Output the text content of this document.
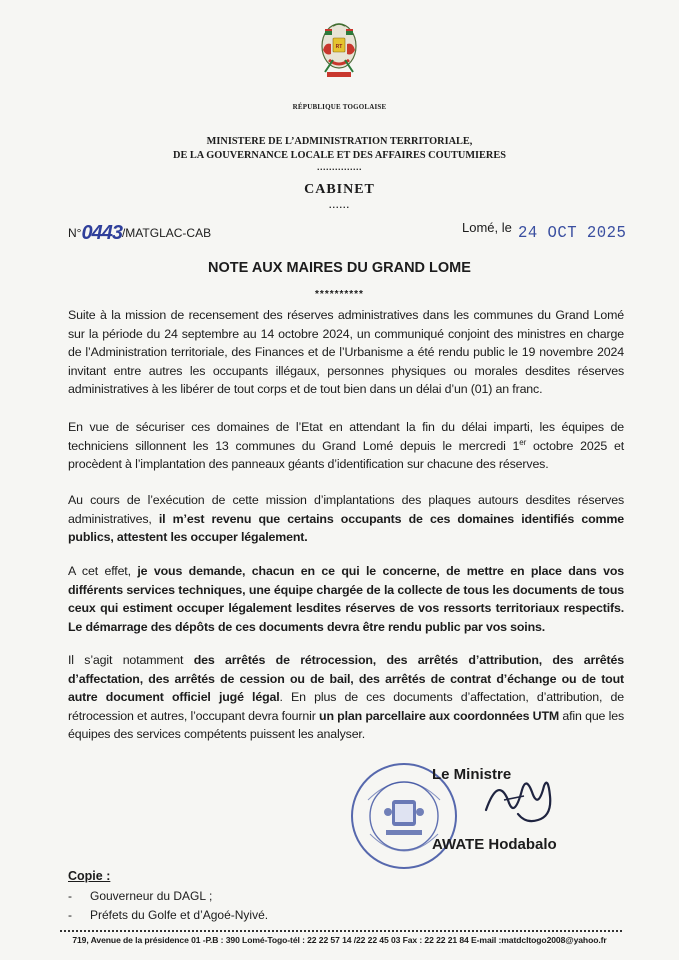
RT
RÉPUBLIQUE TOGOLAISE
MINISTERE DE L’ADMINISTRATION TERRITORIALE,
DE LA GOUVERNANCE LOCALE ET DES AFFAIRES COUTUMIERES
...............
CABINET
......
N°0443/MATGLAC-CAB	Lomé, le 24 OCT 2025
NOTE AUX MAIRES DU GRAND LOME
**********

Suite à la mission de recensement des réserves administratives dans les communes du Grand Lomé sur la période du 24 septembre au 14 octobre 2024, un communiqué conjoint des ministres en charge de l’Administration territoriale, des Finances et de l’Urbanisme a été rendu public le 19 novembre 2024 invitant entre autres les occupants illégaux, personnes physiques ou morales desdites réserves administratives à les libérer de tout corps et de tout bien dans un délai d’un (01) an franc.

En vue de sécuriser ces domaines de l’Etat en attendant la fin du délai imparti, les équipes de techniciens sillonnent les 13 communes du Grand Lomé depuis le mercredi 1er octobre 2025 et procèdent à l’implantation des panneaux géants d’identification sur chacune des réserves.

Au cours de l’exécution de cette mission d’implantations des plaques autours desdites réserves administratives, il m’est revenu que certains occupants de ces domaines identifiés comme publics, attestent les occuper légalement.

A cet effet, je vous demande, chacun en ce qui le concerne, de mettre en place dans vos différents services techniques, une équipe chargée de la collecte de tous les documents de tous ceux qui estiment occuper légalement lesdites réserves de vos ressorts territoriaux respectifs. Le démarrage des dépôts de ces documents devra être rendu public par vos soins.

Il s’agit notamment des arrêtés de rétrocession, des arrêtés d’attribution, des arrêtés d’affectation, des arrêtés de cession ou de bail, des arrêtés de contrat d’échange ou de tout autre document officiel jugé légal. En plus de ces documents d’affectation, d’attribution, de rétrocession et autres, l’occupant devra fournir un plan parcellaire aux coordonnées UTM afin que les équipes des services compétents puissent les analyser.

Le Ministre
AWATE Hodabalo
Copie :
- Gouverneur du DAGL ;
- Préfets du Golfe et d’Agoé-Nyivé.
719, Avenue de la présidence 01 -P.B : 390 Lomé-Togo-tél : 22 22 57 14 /22 22 45 03 Fax : 22 22 21 84 E-mail :matdcltogo2008@yahoo.fr
